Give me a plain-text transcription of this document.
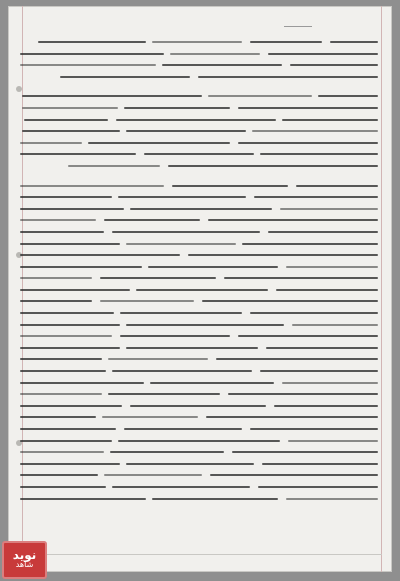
نوید
شاهد
